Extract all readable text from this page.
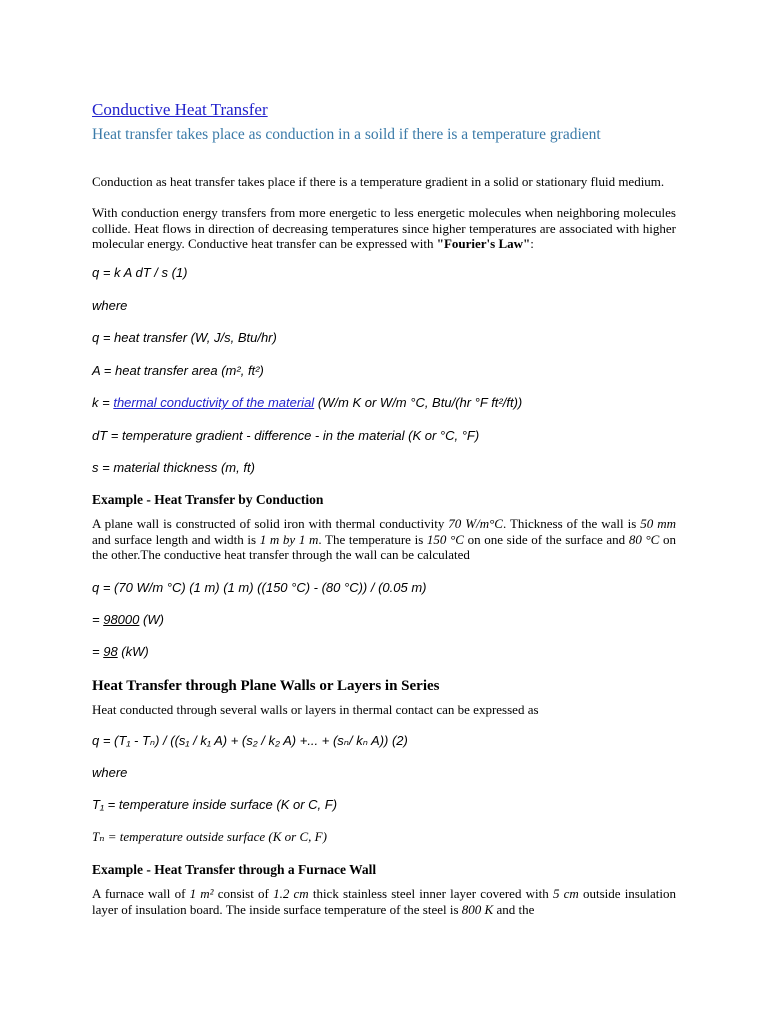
Conductive Heat Transfer
Heat transfer takes place as conduction in a soild if there is a temperature gradient
Conduction as heat transfer takes place if there is a temperature gradient in a solid or stationary fluid medium.
With conduction energy transfers from more energetic to less energetic molecules when neighboring molecules collide. Heat flows in direction of decreasing temperatures since higher temperatures are associated with higher molecular energy. Conductive heat transfer can be expressed with "Fourier's Law":
q = k A dT / s (1)
where
q = heat transfer (W, J/s, Btu/hr)
A = heat transfer area (m², ft²)
k = thermal conductivity of the material (W/m K or W/m °C, Btu/(hr °F ft²/ft))
dT = temperature gradient - difference - in the material (K or °C, °F)
s = material thickness (m, ft)
Example - Heat Transfer by Conduction
A plane wall is constructed of solid iron with thermal conductivity 70 W/m°C. Thickness of the wall is 50 mm and surface length and width is 1 m by 1 m. The temperature is 150 °C on one side of the surface and 80 °C on the other.The conductive heat transfer through the wall can be calculated
q = (70 W/m °C) (1 m) (1 m) ((150 °C) - (80 °C)) / (0.05 m)
= 98000 (W)
= 98 (kW)
Heat Transfer through Plane Walls or Layers in Series
Heat conducted through several walls or layers in thermal contact can be expressed as
q = (T₁ - Tₙ) / ((s₁ / k₁ A) + (s₂ / k₂ A) +... + (sₙ/ kₙ A)) (2)
where
T₁ = temperature inside surface (K or C, F)
Tₙ = temperature outside surface (K or C, F)
Example - Heat Transfer through a Furnace Wall
A furnace wall of 1 m² consist of 1.2 cm thick stainless steel inner layer covered with 5 cm outside insulation layer of insulation board. The inside surface temperature of the steel is 800 K and the
